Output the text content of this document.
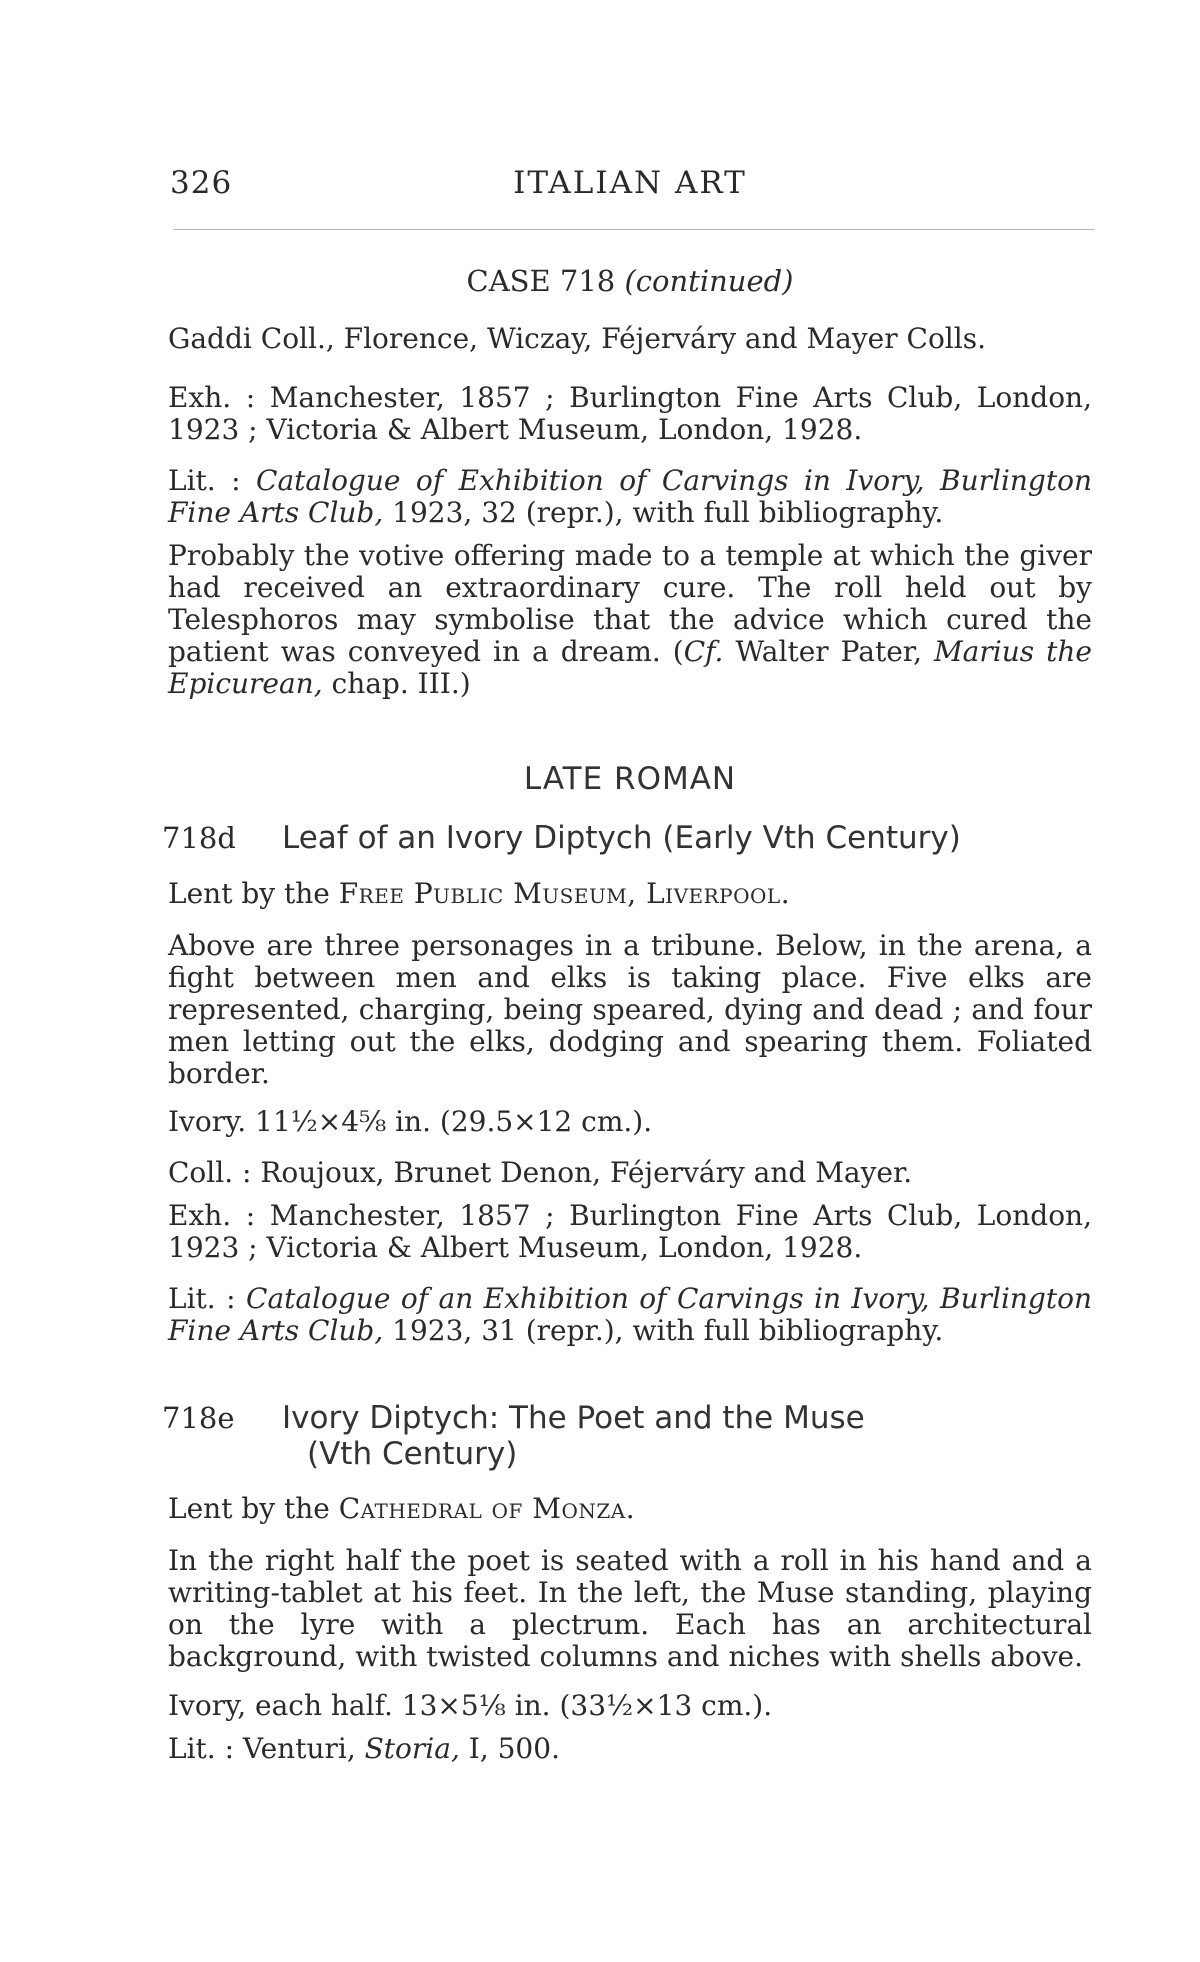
326	ITALIAN ART
CASE 718 (continued)
Gaddi Coll., Florence, Wiczay, Féjerváry and Mayer Colls.
Exh. : Manchester, 1857 ; Burlington Fine Arts Club, London, 1923 ; Victoria & Albert Museum, London, 1928.
Lit. : Catalogue of Exhibition of Carvings in Ivory, Burlington Fine Arts Club, 1923, 32 (repr.), with full bibliography.
Probably the votive offering made to a temple at which the giver had received an extraordinary cure. The roll held out by Telesphoros may symbolise that the advice which cured the patient was conveyed in a dream. (Cf. Walter Pater, Marius the Epicurean, chap. III.)
LATE ROMAN
718d Leaf of an Ivory Diptych (Early Vth Century)
Lent by the Free Public Museum, Liverpool.
Above are three personages in a tribune. Below, in the arena, a fight between men and elks is taking place. Five elks are represented, charging, being speared, dying and dead ; and four men letting out the elks, dodging and spearing them. Foliated border.
Ivory. 11½×4⅝ in. (29.5×12 cm.).
Coll. : Roujoux, Brunet Denon, Féjerváry and Mayer.
Exh. : Manchester, 1857 ; Burlington Fine Arts Club, London, 1923 ; Victoria & Albert Museum, London, 1928.
Lit. : Catalogue of an Exhibition of Carvings in Ivory, Burlington Fine Arts Club, 1923, 31 (repr.), with full bibliography.
718e Ivory Diptych: The Poet and the Muse
(Vth Century)
Lent by the Cathedral of Monza.
In the right half the poet is seated with a roll in his hand and a writing-tablet at his feet. In the left, the Muse standing, playing on the lyre with a plectrum. Each has an architectural background, with twisted columns and niches with shells above.
Ivory, each half. 13×5⅛ in. (33½×13 cm.).
Lit. : Venturi, Storia, I, 500.
